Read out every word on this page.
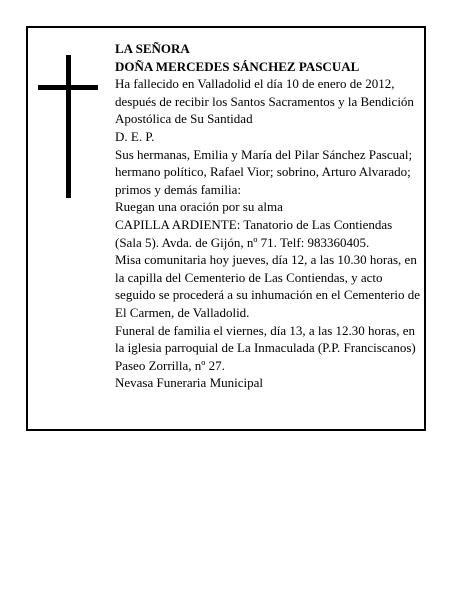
LA SEÑORA

DOÑA MERCEDES SÁNCHEZ PASCUAL

Ha fallecido en Valladolid el día 10 de enero de 2012, después de recibir los Santos Sacramentos y la Bendición Apostólica de Su Santidad

D. E. P.

Sus hermanas, Emilia y María del Pilar Sánchez Pascual; hermano político, Rafael Vior; sobrino, Arturo Alvarado; primos y demás familia:

Ruegan una oración por su alma

CAPILLA ARDIENTE: Tanatorio de Las Contiendas (Sala 5). Avda. de Gijón, nº 71. Telf: 983360405.

Misa comunitaria hoy jueves, día 12, a las 10.30 horas, en la capilla del Cementerio de Las Contiendas, y acto seguido se procederá a su inhumación en el Cementerio de El Carmen, de Valladolid.

Funeral de familia el viernes, día 13, a las 12.30 horas, en la iglesia parroquial de La Inmaculada (P.P. Franciscanos) Paseo Zorrilla, nº 27.

Nevasa Funeraria Municipal
